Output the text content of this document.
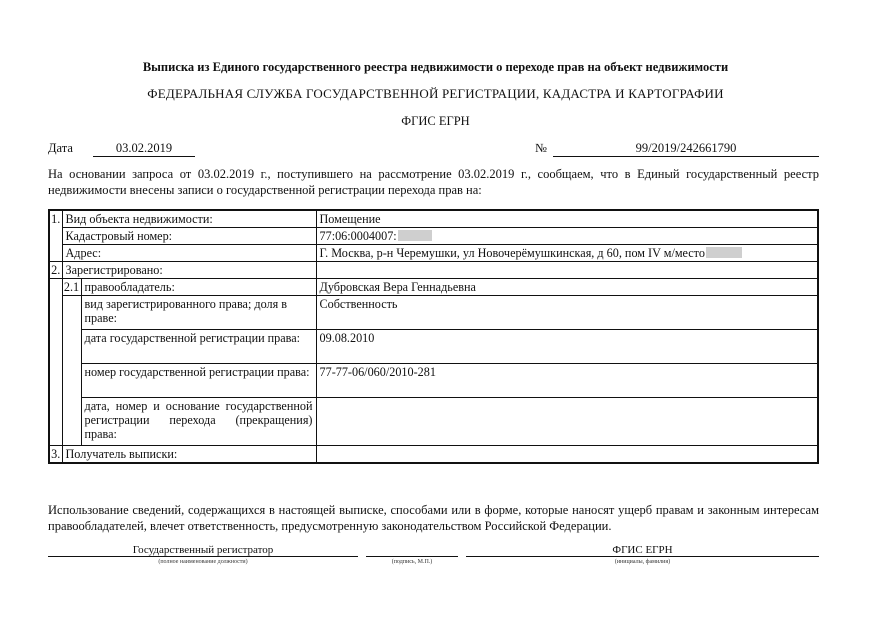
Выписка из Единого государственного реестра недвижимости о переходе прав на объект недвижимости
ФЕДЕРАЛЬНАЯ СЛУЖБА ГОСУДАРСТВЕННОЙ РЕГИСТРАЦИИ, КАДАСТРА И КАРТОГРАФИИ
ФГИС ЕГРН
Дата	03.02.2019	№	99/2019/242661790
На основании запроса от 03.02.2019 г., поступившего на рассмотрение 03.02.2019 г., сообщаем, что в Единый государственный реестр недвижимости внесены записи о государственной регистрации перехода прав на:
1.	Вид объекта недвижимости:		Помещение
	Кадастровый номер:		77:06:0004007:
	Адрес:		Г. Москва, р-н Черемушки, ул Новочерёмушкинская, д 60, пом IV м/место
2.	Зарегистрировано:		
	2.1	правообладатель:	Дубровская Вера Геннадьевна
		вид зарегистрированного права; доля в праве:	Собственность
		дата государственной регистрации права:	09.08.2010
		номер государственной регистрации права:	77-77-06/060/2010-281
		дата, номер и основание государственной регистрации перехода (прекращения) права:	
3.	Получатель выписки:		
Использование сведений, содержащихся в настоящей выписке, способами или в форме, которые наносят ущерб правам и законным интересам правообладателей, влечет ответственность, предусмотренную законодательством Российской Федерации.
Государственный регистратор
(полное наименование должности)	(подпись, М.П.)
ФГИС ЕГРН
(инициалы, фамилия)
